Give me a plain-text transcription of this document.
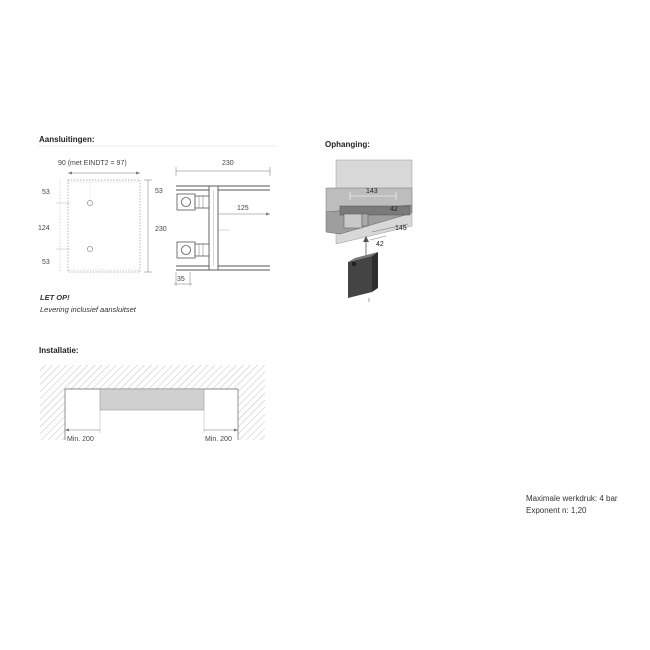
Aansluitingen:
90 (met EINDT2 = 97)
53
124
53
53
230
230
125
35
LET OP!
Levering inclusief aansluitset
Ophanging:
143
42
145
42
Installatie:
Min. 200	Min. 200
Maximale werkdruk: 4 bar
Exponent n: 1,20
